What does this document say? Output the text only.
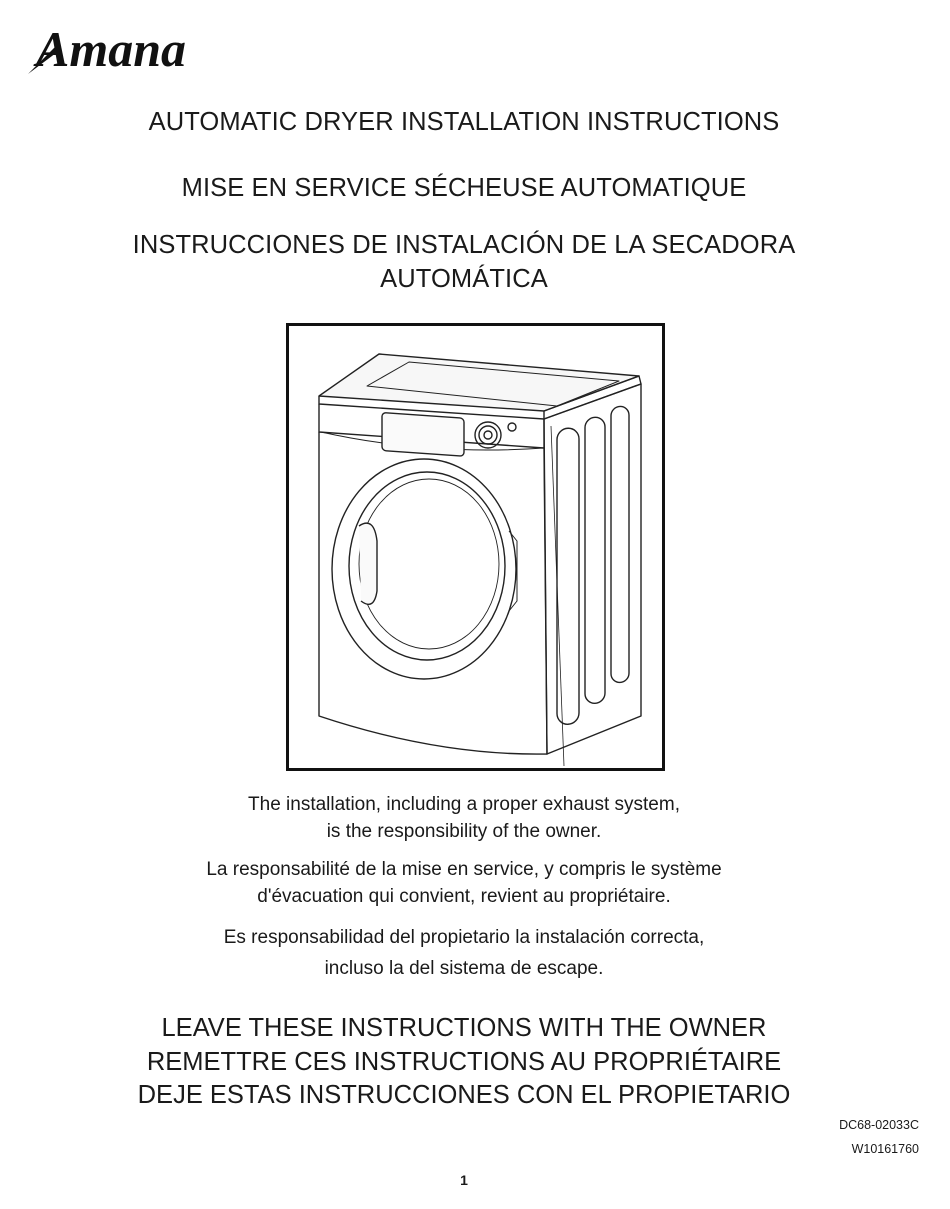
Amana
AUTOMATIC DRYER INSTALLATION INSTRUCTIONS
MISE EN SERVICE SÉCHEUSE AUTOMATIQUE
INSTRUCCIONES DE INSTALACIÓN DE LA SECADORA
AUTOMÁTICA

The installation, including a proper exhaust system,
is the responsibility of the owner.

La responsabilité de la mise en service, y compris le système
d'évacuation qui convient, revient au propriétaire.

Es responsabilidad del propietario la instalación correcta,
incluso la del sistema de escape.

LEAVE THESE INSTRUCTIONS WITH THE OWNER
REMETTRE CES INSTRUCTIONS AU PROPRIÉTAIRE
DEJE ESTAS INSTRUCCIONES CON EL PROPIETARIO
DC68-02033C
W10161760
1
